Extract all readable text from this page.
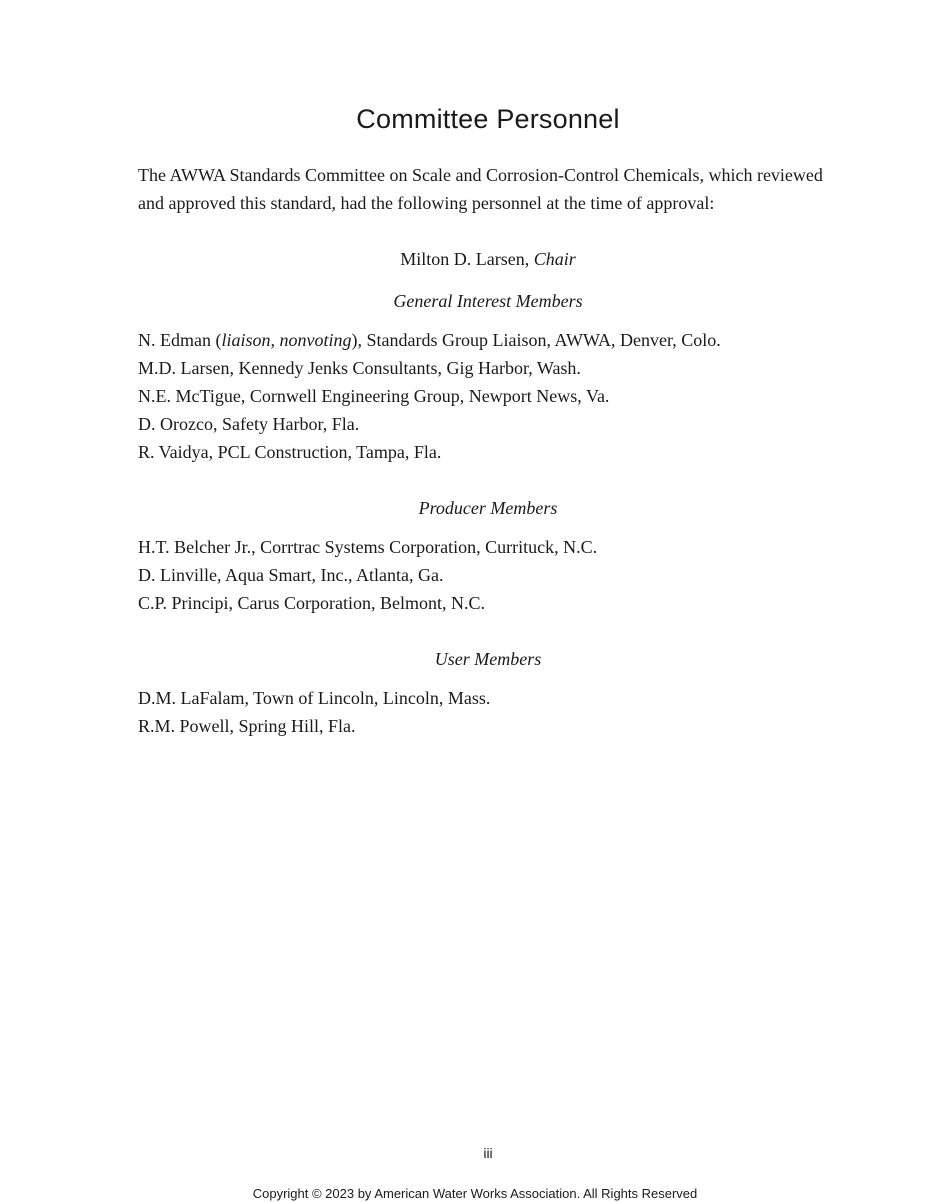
Committee Personnel

The AWWA Standards Committee on Scale and Corrosion-Control Chemicals, which reviewed and approved this standard, had the following personnel at the time of approval:

Milton D. Larsen, Chair

General Interest Members

N. Edman (liaison, nonvoting), Standards Group Liaison, AWWA, Denver, Colo.
M.D. Larsen, Kennedy Jenks Consultants, Gig Harbor, Wash.
N.E. McTigue, Cornwell Engineering Group, Newport News, Va.
D. Orozco, Safety Harbor, Fla.
R. Vaidya, PCL Construction, Tampa, Fla.

Producer Members

H.T. Belcher Jr., Corrtrac Systems Corporation, Currituck, N.C.
D. Linville, Aqua Smart, Inc., Atlanta, Ga.
C.P. Principi, Carus Corporation, Belmont, N.C.

User Members

D.M. LaFalam, Town of Lincoln, Lincoln, Mass.
R.M. Powell, Spring Hill, Fla.
iii
Copyright © 2023 by American Water Works Association. All Rights Reserved
